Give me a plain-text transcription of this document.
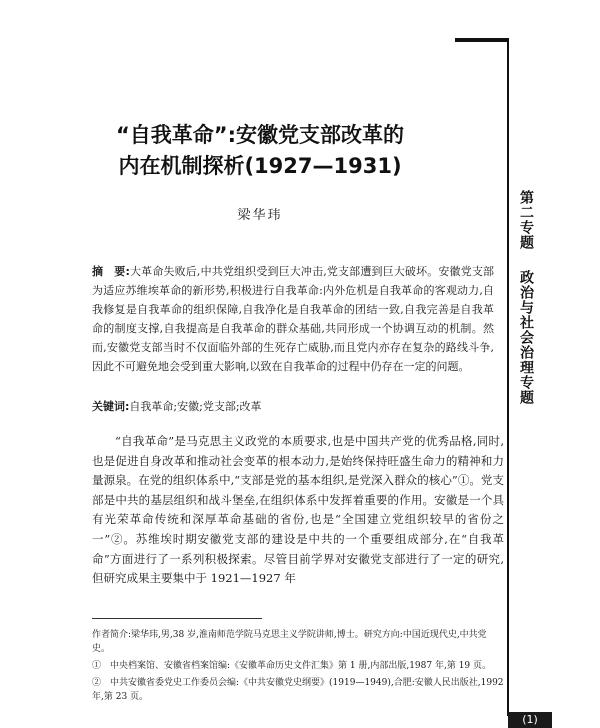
第二专题政治与社会治理专题
“自我革命”:安徽党支部改革的
内在机制探析(1927—1931)
梁华玮
摘　要:大革命失败后,中共党组织受到巨大冲击,党支部遭到巨大破坏。安徽党支部为适应苏维埃革命的新形势,积极进行自我革命:内外危机是自我革命的客观动力,自我修复是自我革命的组织保障,自我净化是自我革命的团结一致,自我完善是自我革命的制度支撑,自我提高是自我革命的群众基础,共同形成一个协调互动的机制。然而,安徽党支部当时不仅面临外部的生死存亡威胁,而且党内亦存在复杂的路线斗争,因此不可避免地会受到重大影响,以致在自我革命的过程中仍存在一定的问题。
关键词:自我革命;安徽;党支部;改革
“自我革命”是马克思主义政党的本质要求,也是中国共产党的优秀品格,同时,也是促进自身改革和推动社会变革的根本动力,是始终保持旺盛生命力的精神和力量源泉。在党的组织体系中,“支部是党的基本组织,是党深入群众的核心”①。党支部是中共的基层组织和战斗堡垒,在组织体系中发挥着重要的作用。安徽是一个具有光荣革命传统和深厚革命基础的省份,也是“全国建立党组织较早的省份之一”②。苏维埃时期安徽党支部的建设是中共的一个重要组成部分,在“自我革命”方面进行了一系列积极探索。尽管目前学界对安徽党支部进行了一定的研究,但研究成果主要集中于 1921—1927 年

作者简介:梁华玮,男,38 岁,淮南师范学院马克思主义学院讲师,博士。研究方向:中国近现代史,中共党史。

①　中央档案馆、安徽省档案馆编:《安徽革命历史文件汇集》第 1 册,内部出版,1987 年,第 19 页。

②　中共安徽省委党史工作委员会编:《中共安徽党史纲要》(1919—1949),合肥:安徽人民出版社,1992 年,第 23 页。

(1)
